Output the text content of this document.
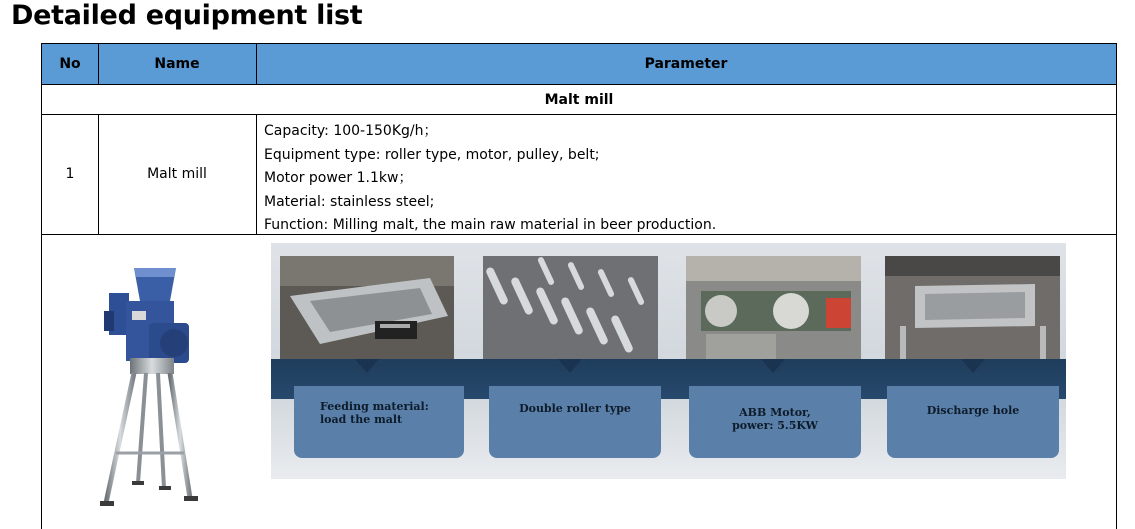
Detailed equipment list
No	Name	Parameter
Malt mill
1	Malt mill
Capacity: 100-150Kg/h；
Equipment type: roller type, motor, pulley, belt;
Motor power 1.1kw；
Material: stainless steel;
Function: Milling malt, the main raw material in beer production.
Feeding material:
load the malt
Double roller type	ABB Motor,
power: 5.5KW
Discharge hole
